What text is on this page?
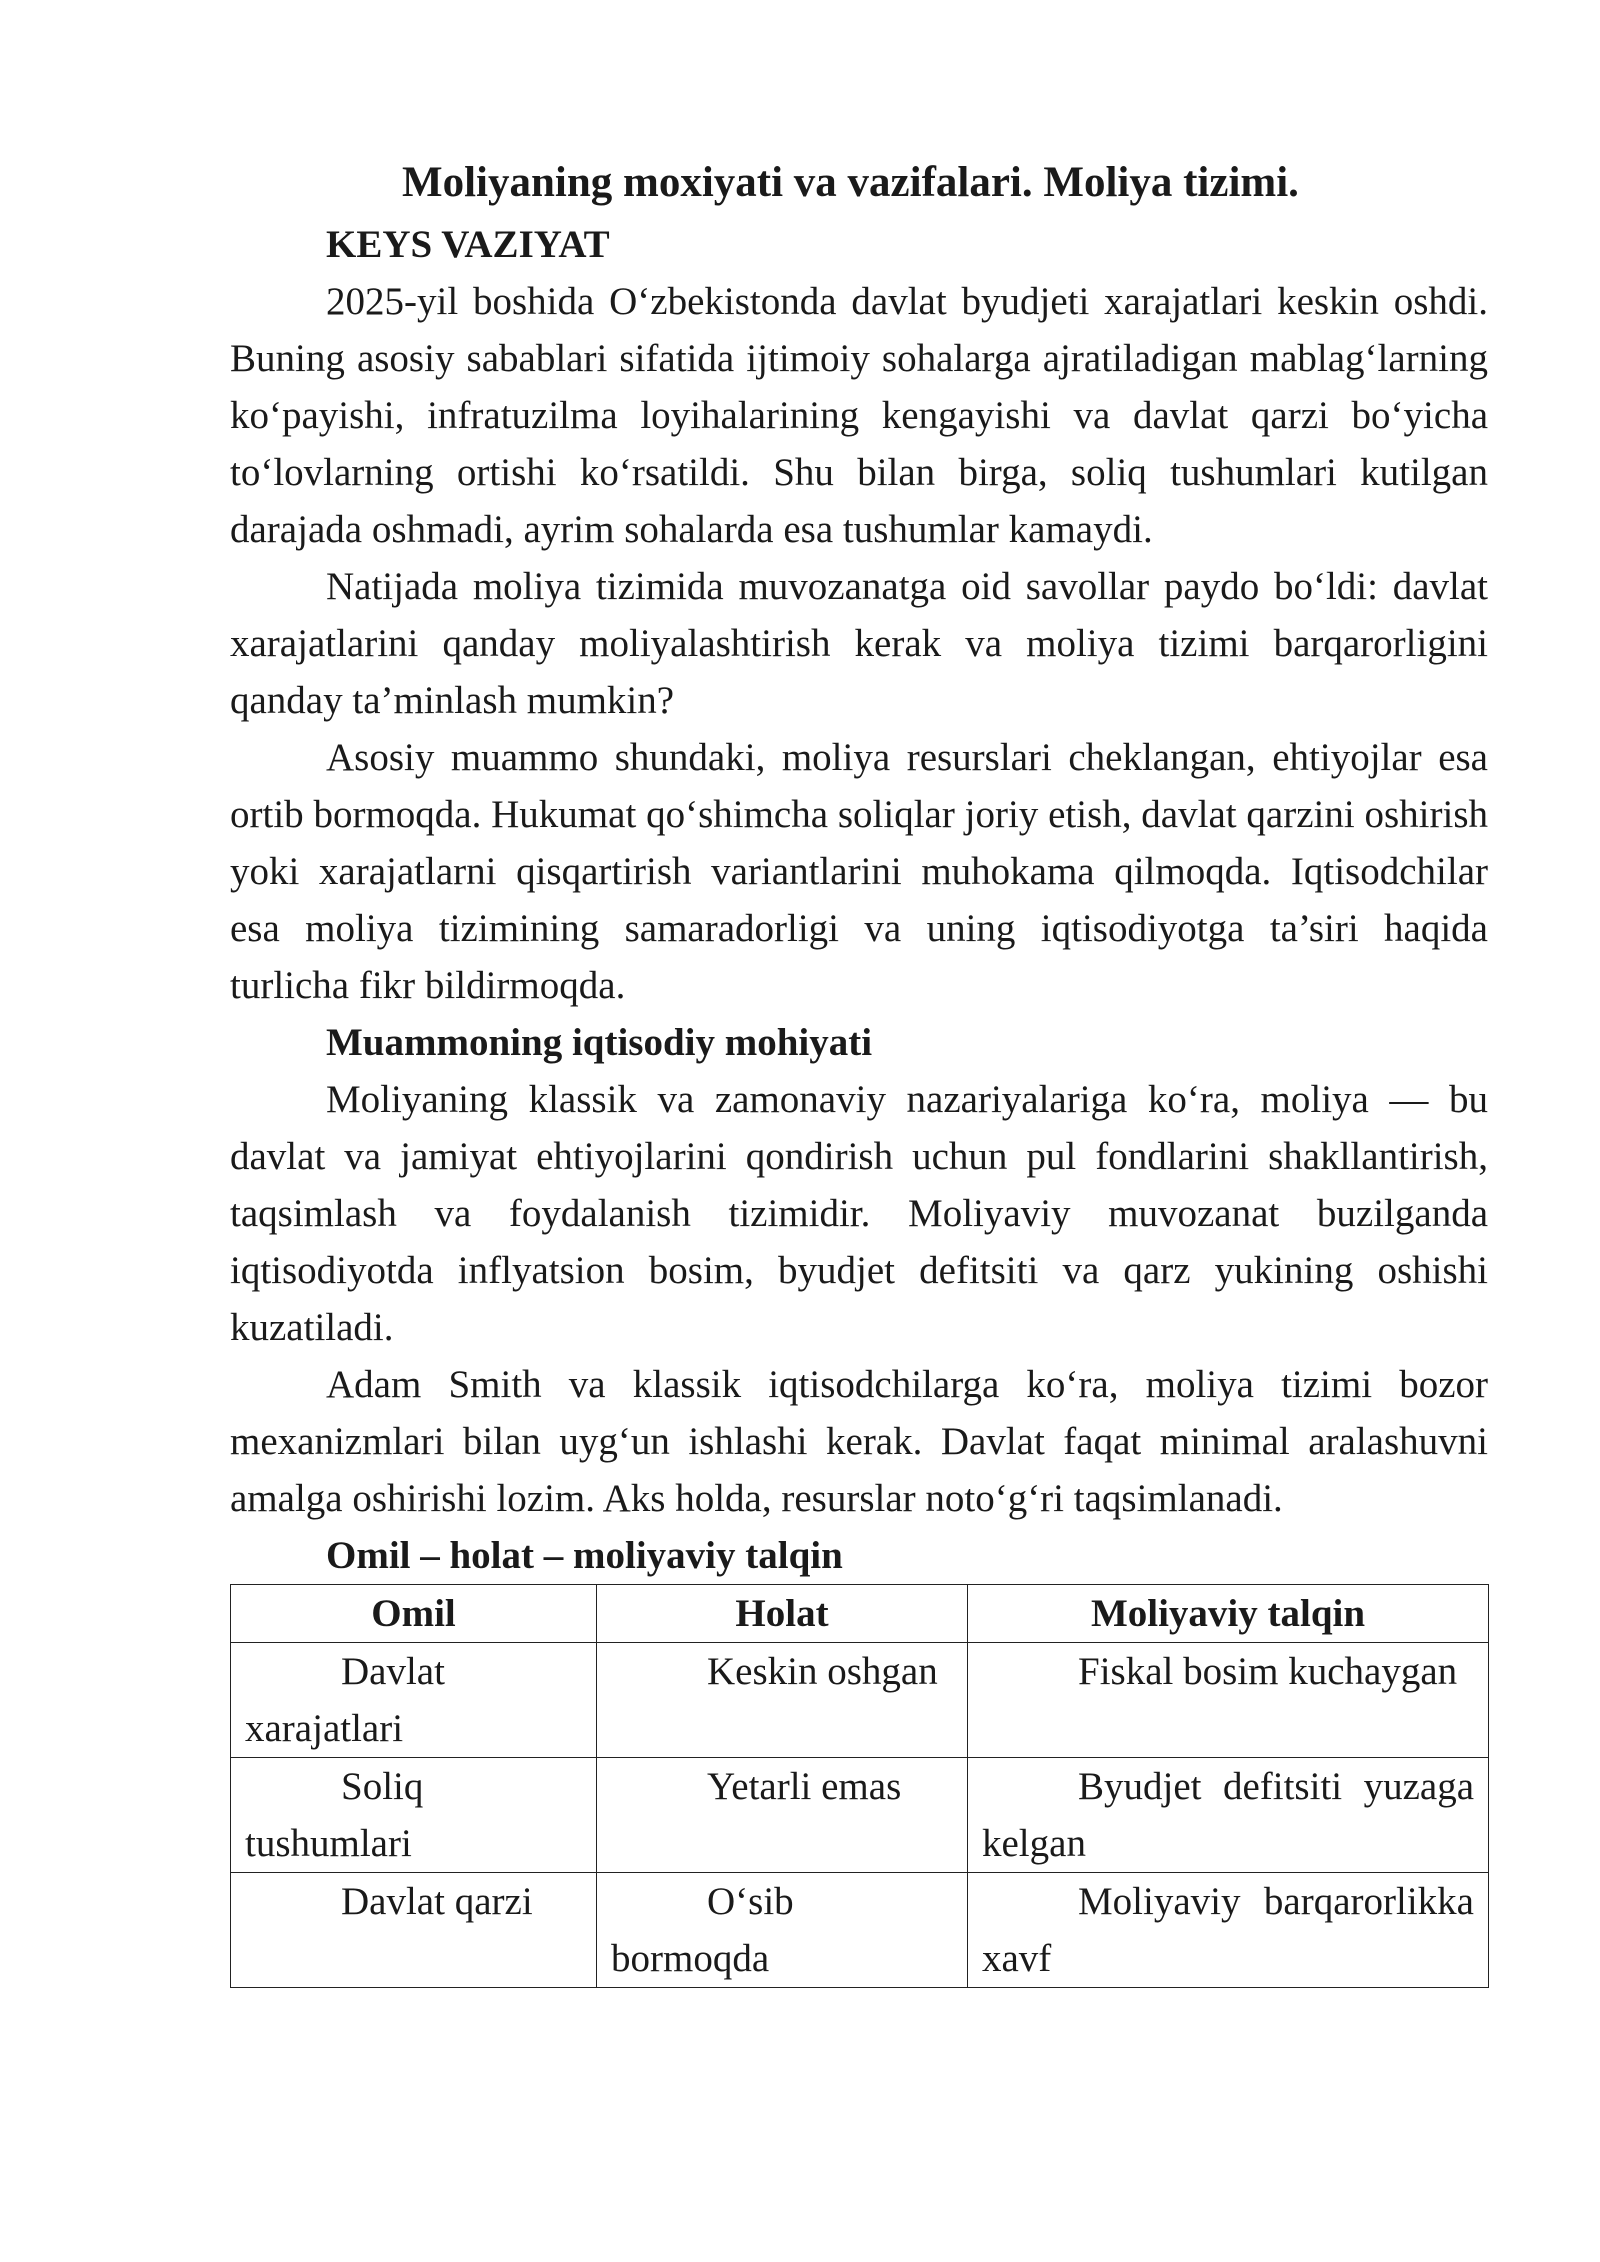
Moliyaning moxiyati va vazifalari. Moliya tizimi.

KEYS VAZIYAT

2025-yil boshida O‘zbekistonda davlat byudjeti xarajatlari keskin oshdi. Buning asosiy sabablari sifatida ijtimoiy sohalarga ajratiladigan mablag‘larning ko‘payishi, infratuzilma loyihalarining kengayishi va davlat qarzi bo‘yicha to‘lovlarning ortishi ko‘rsatildi. Shu bilan birga, soliq tushumlari kutilgan darajada oshmadi, ayrim sohalarda esa tushumlar kamaydi.

Natijada moliya tizimida muvozanatga oid savollar paydo bo‘ldi: davlat xarajatlarini qanday moliyalashtirish kerak va moliya tizimi barqarorligini qanday ta’minlash mumkin?

Asosiy muammo shundaki, moliya resurslari cheklangan, ehtiyojlar esa ortib bormoqda. Hukumat qo‘shimcha soliqlar joriy etish, davlat qarzini oshirish yoki xarajatlarni qisqartirish variantlarini muhokama qilmoqda. Iqtisodchilar esa moliya tizimining samaradorligi va uning iqtisodiyotga ta’siri haqida turlicha fikr bildirmoqda.

Muammoning iqtisodiy mohiyati

Moliyaning klassik va zamonaviy nazariyalariga ko‘ra, moliya — bu davlat va jamiyat ehtiyojlarini qondirish uchun pul fondlarini shakllantirish, taqsimlash va foydalanish tizimidir. Moliyaviy muvozanat buzilganda iqtisodiyotda inflyatsion bosim, byudjet defitsiti va qarz yukining oshishi kuzatiladi.

Adam Smith va klassik iqtisodchilarga ko‘ra, moliya tizimi bozor mexanizmlari bilan uyg‘un ishlashi kerak. Davlat faqat minimal aralashuvni amalga oshirishi lozim. Aks holda, resurslar noto‘g‘ri taqsimlanadi.

Omil – holat – moliyaviy talqin

Omil	Holat	Moliyaviy talqin

Davlat xarajatlari	Keskin oshgan	Fiskal bosim kuchaygan

Soliq tushumlari	Yetarli emas	Byudjet defitsiti yuzaga kelgan

Davlat qarzi	O‘sib bormoqda	Moliyaviy barqarorlikka xavf
